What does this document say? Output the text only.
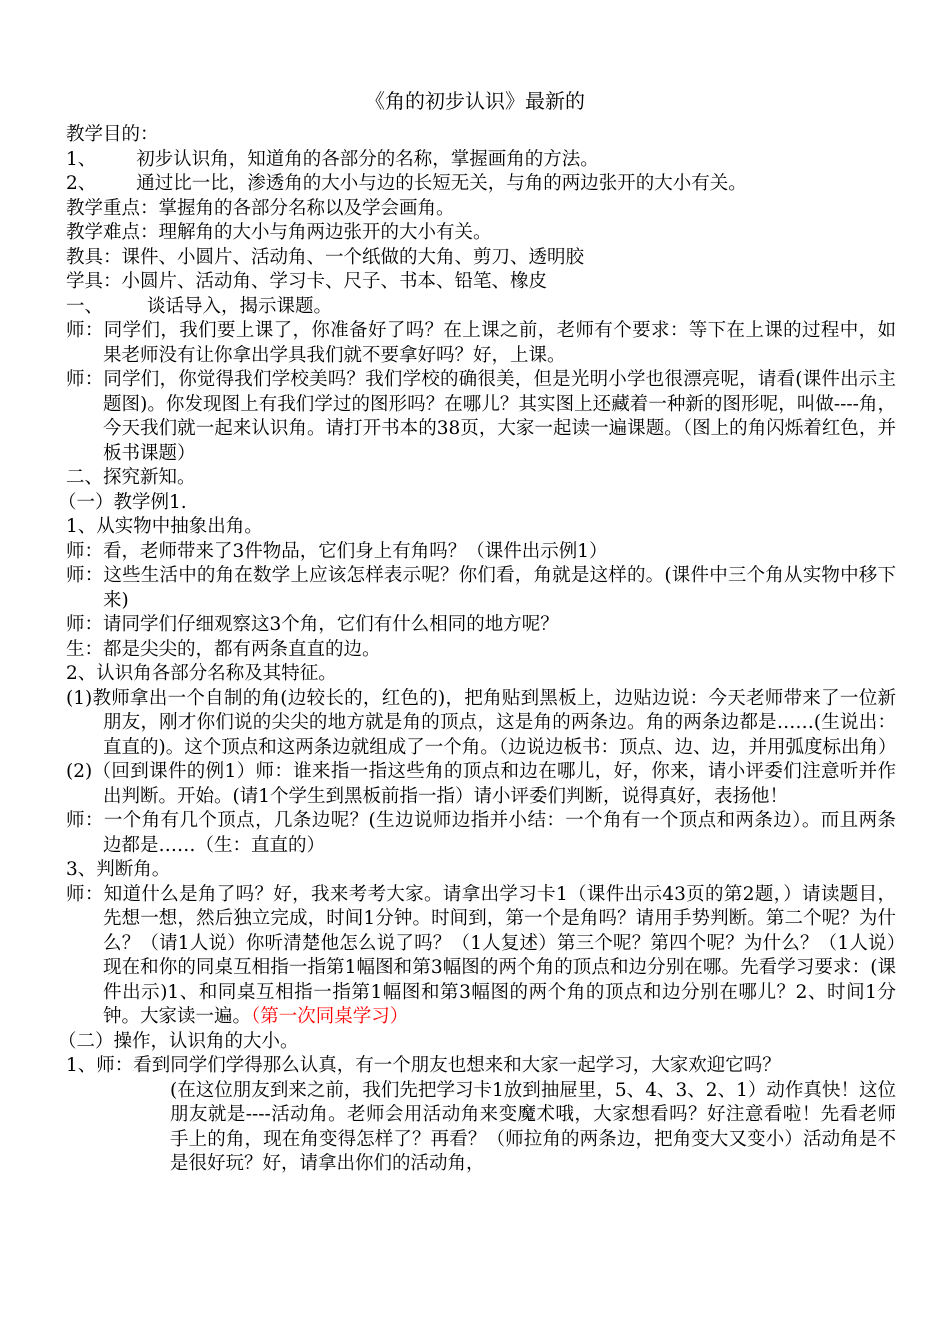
《角的初步认识》最新的

教学目的：

1、 初步认识角，知道角的各部分的名称，掌握画角的方法。

2、 通过比一比，渗透角的大小与边的长短无关，与角的两边张开的大小有关。

教学重点：掌握角的各部分名称以及学会画角。

教学难点：理解角的大小与角两边张开的大小有关。

教具：课件、小圆片、活动角、一个纸做的大角、剪刀、透明胶

学具：小圆片、活动角、学习卡、尺子、书本、铅笔、橡皮

一、 谈话导入，揭示课题。

师：同学们，我们要上课了，你准备好了吗？在上课之前，老师有个要求：等下在上课的过程中，如果老师没有让你拿出学具我们就不要拿好吗？好，上课。

师：同学们，你觉得我们学校美吗？我们学校的确很美，但是光明小学也很漂亮呢，请看(课件出示主题图)。你发现图上有我们学过的图形吗？在哪儿？其实图上还藏着一种新的图形呢，叫做----角，今天我们就一起来认识角。请打开书本的38页，大家一起读一遍课题。（图上的角闪烁着红色，并板书课题）

二、探究新知。

（一）教学例1.

1、从实物中抽象出角。

师：看，老师带来了3件物品，它们身上有角吗？（课件出示例1）

师：这些生活中的角在数学上应该怎样表示呢？你们看，角就是这样的。(课件中三个角从实物中移下来)

师：请同学们仔细观察这3个角，它们有什么相同的地方呢？

生：都是尖尖的，都有两条直直的边。

2、认识角各部分名称及其特征。

(1)教师拿出一个自制的角(边较长的，红色的)，把角贴到黑板上，边贴边说：今天老师带来了一位新朋友，刚才你们说的尖尖的地方就是角的顶点，这是角的两条边。角的两条边都是……(生说出：直直的)。这个顶点和这两条边就组成了一个角。（边说边板书：顶点、边、边，并用弧度标出角）

(2)（回到课件的例1）师：谁来指一指这些角的顶点和边在哪儿，好，你来，请小评委们注意听并作出判断。开始。(请1个学生到黑板前指一指）请小评委们判断，说得真好，表扬他！

师：一个角有几个顶点，几条边呢？(生边说师边指并小结：一个角有一个顶点和两条边）。而且两条边都是……（生：直直的）

3、判断角。

师：知道什么是角了吗？好，我来考考大家。请拿出学习卡1（课件出示43页的第2题，）请读题目，先想一想，然后独立完成，时间1分钟。时间到，第一个是角吗？请用手势判断。第二个呢？为什么？（请1人说）你听清楚他怎么说了吗？（1人复述）第三个呢？第四个呢？为什么？（1人说）现在和你的同桌互相指一指第1幅图和第3幅图的两个角的顶点和边分别在哪。先看学习要求：(课件出示)1、和同桌互相指一指第1幅图和第3幅图的两个角的顶点和边分别在哪儿？2、时间1分钟。大家读一遍。（第一次同桌学习）

（二）操作，认识角的大小。

1、师：看到同学们学得那么认真，有一个朋友也想来和大家一起学习，大家欢迎它吗？

(在这位朋友到来之前，我们先把学习卡1放到抽屉里，5、4、3、2、1）动作真快！这位朋友就是----活动角。老师会用活动角来变魔术哦，大家想看吗？好注意看啦！先看老师手上的角，现在角变得怎样了？再看？（师拉角的两条边，把角变大又变小）活动角是不是很好玩？好，请拿出你们的活动角，
